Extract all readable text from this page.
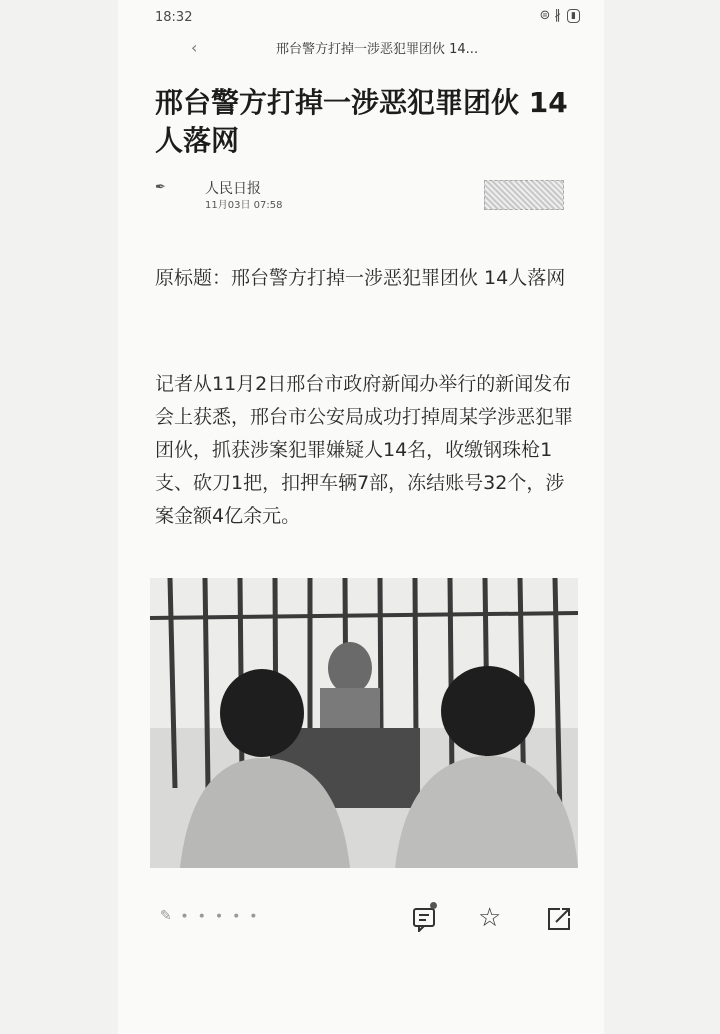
18:32	⊜ ∦	▮
‹	邢台警方打掉一涉恶犯罪团伙 14...
邢台警方打掉一涉恶犯罪团伙 14人落网
✒	人民日报
11月03日 07:58

原标题：邢台警方打掉一涉恶犯罪团伙 14人落网

记者从11月2日邢台市政府新闻办举行的新闻发布会上获悉，邢台市公安局成功打掉周某学涉恶犯罪团伙，抓获涉案犯罪嫌疑人14名，收缴钢珠枪1支、砍刀1把，扣押车辆7部，冻结账号32个，涉案金额4亿余元。

✎ ∙ ∙ ∙ ∙ ∙	☆
